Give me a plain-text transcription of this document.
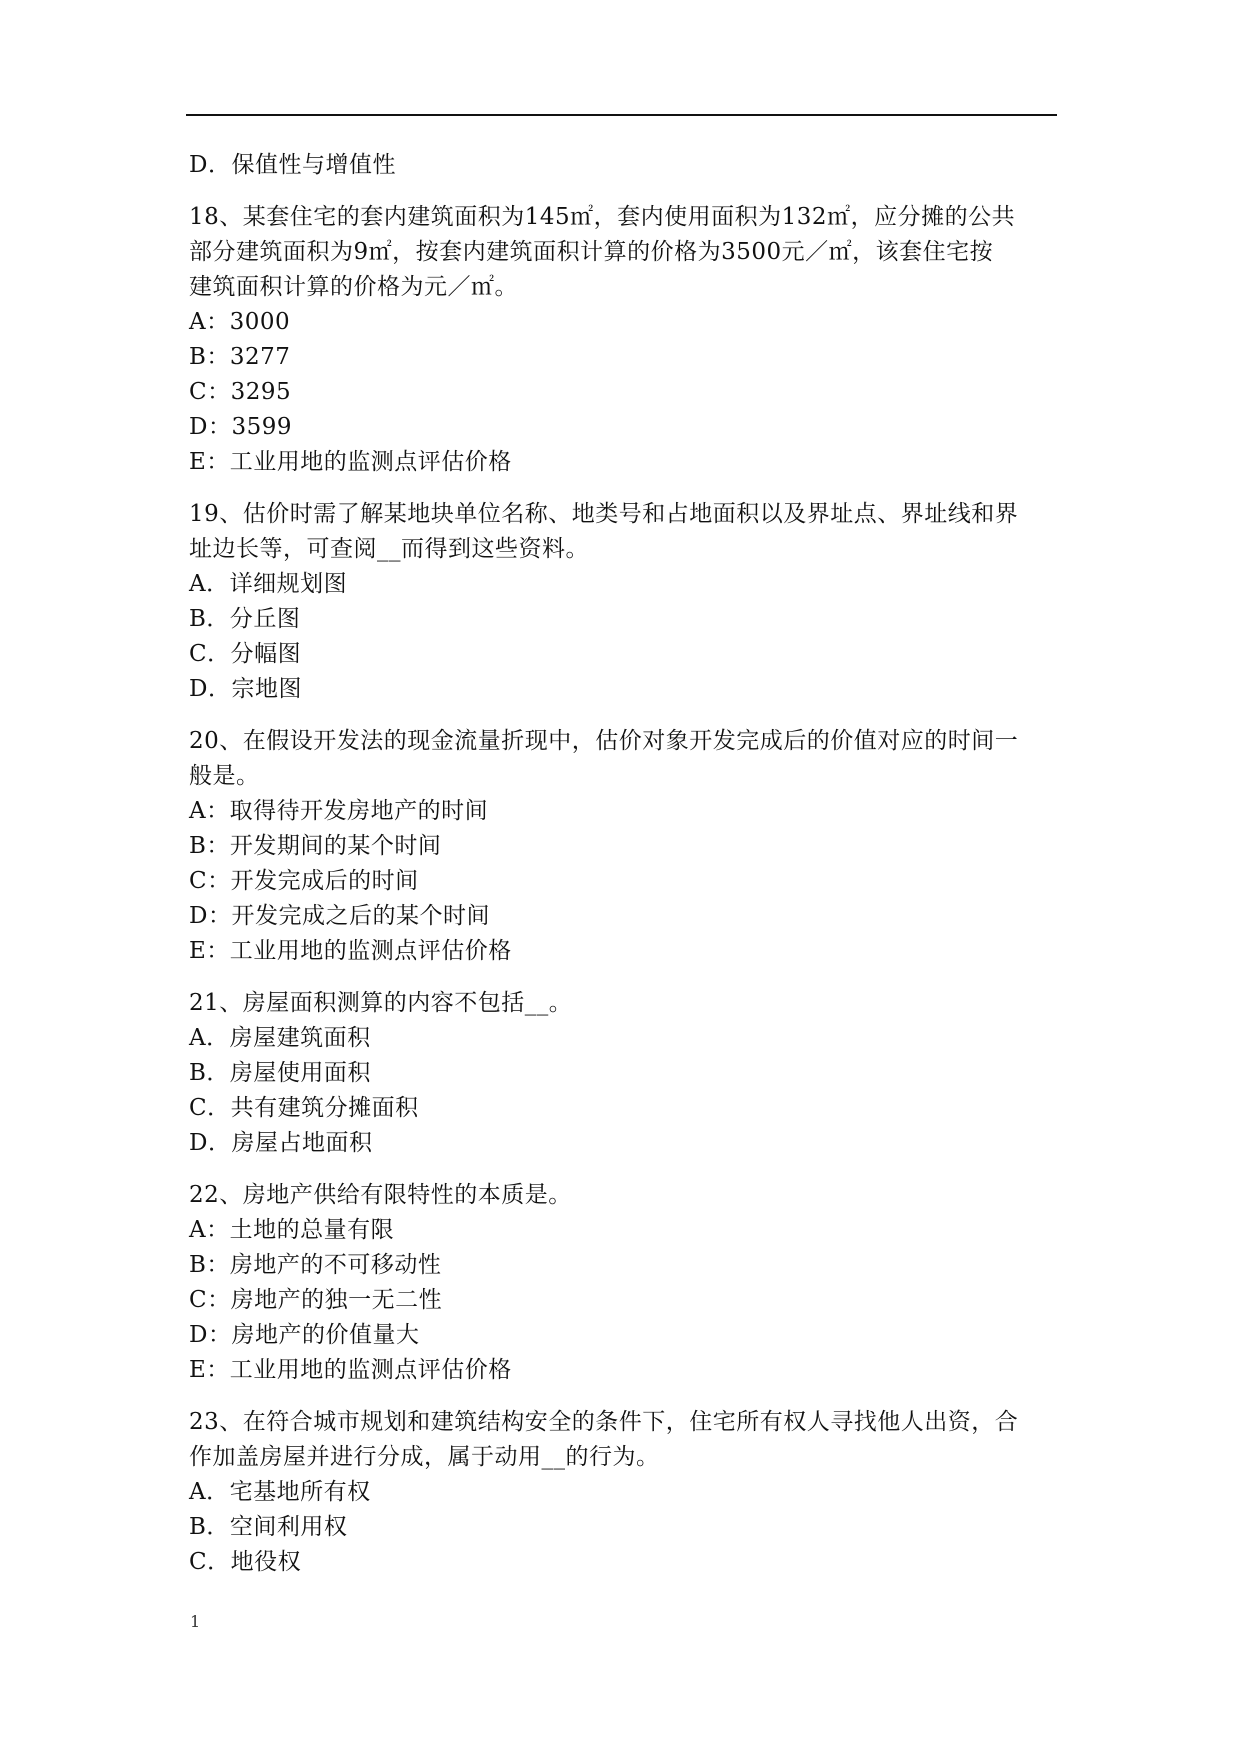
D．保值性与增值性
18、某套住宅的套内建筑面积为145㎡，套内使用面积为132㎡，应分摊的公共
部分建筑面积为9㎡，按套内建筑面积计算的价格为3500元／㎡，该套住宅按
建筑面积计算的价格为元／㎡。
A：3000
B：3277
C：3295
D：3599
E：工业用地的监测点评估价格
19、估价时需了解某地块单位名称、地类号和占地面积以及界址点、界址线和界
址边长等，可查阅__而得到这些资料。
A．详细规划图
B．分丘图
C．分幅图
D．宗地图
20、在假设开发法的现金流量折现中，估价对象开发完成后的价值对应的时间一
般是。
A：取得待开发房地产的时间
B：开发期间的某个时间
C：开发完成后的时间
D：开发完成之后的某个时间
E：工业用地的监测点评估价格
21、房屋面积测算的内容不包括__。
A．房屋建筑面积
B．房屋使用面积
C．共有建筑分摊面积
D．房屋占地面积
22、房地产供给有限特性的本质是。
A：土地的总量有限
B：房地产的不可移动性
C：房地产的独一无二性
D：房地产的价值量大
E：工业用地的监测点评估价格
23、在符合城市规划和建筑结构安全的条件下，住宅所有权人寻找他人出资，合
作加盖房屋并进行分成，属于动用__的行为。
A．宅基地所有权
B．空间利用权
C．地役权
1
